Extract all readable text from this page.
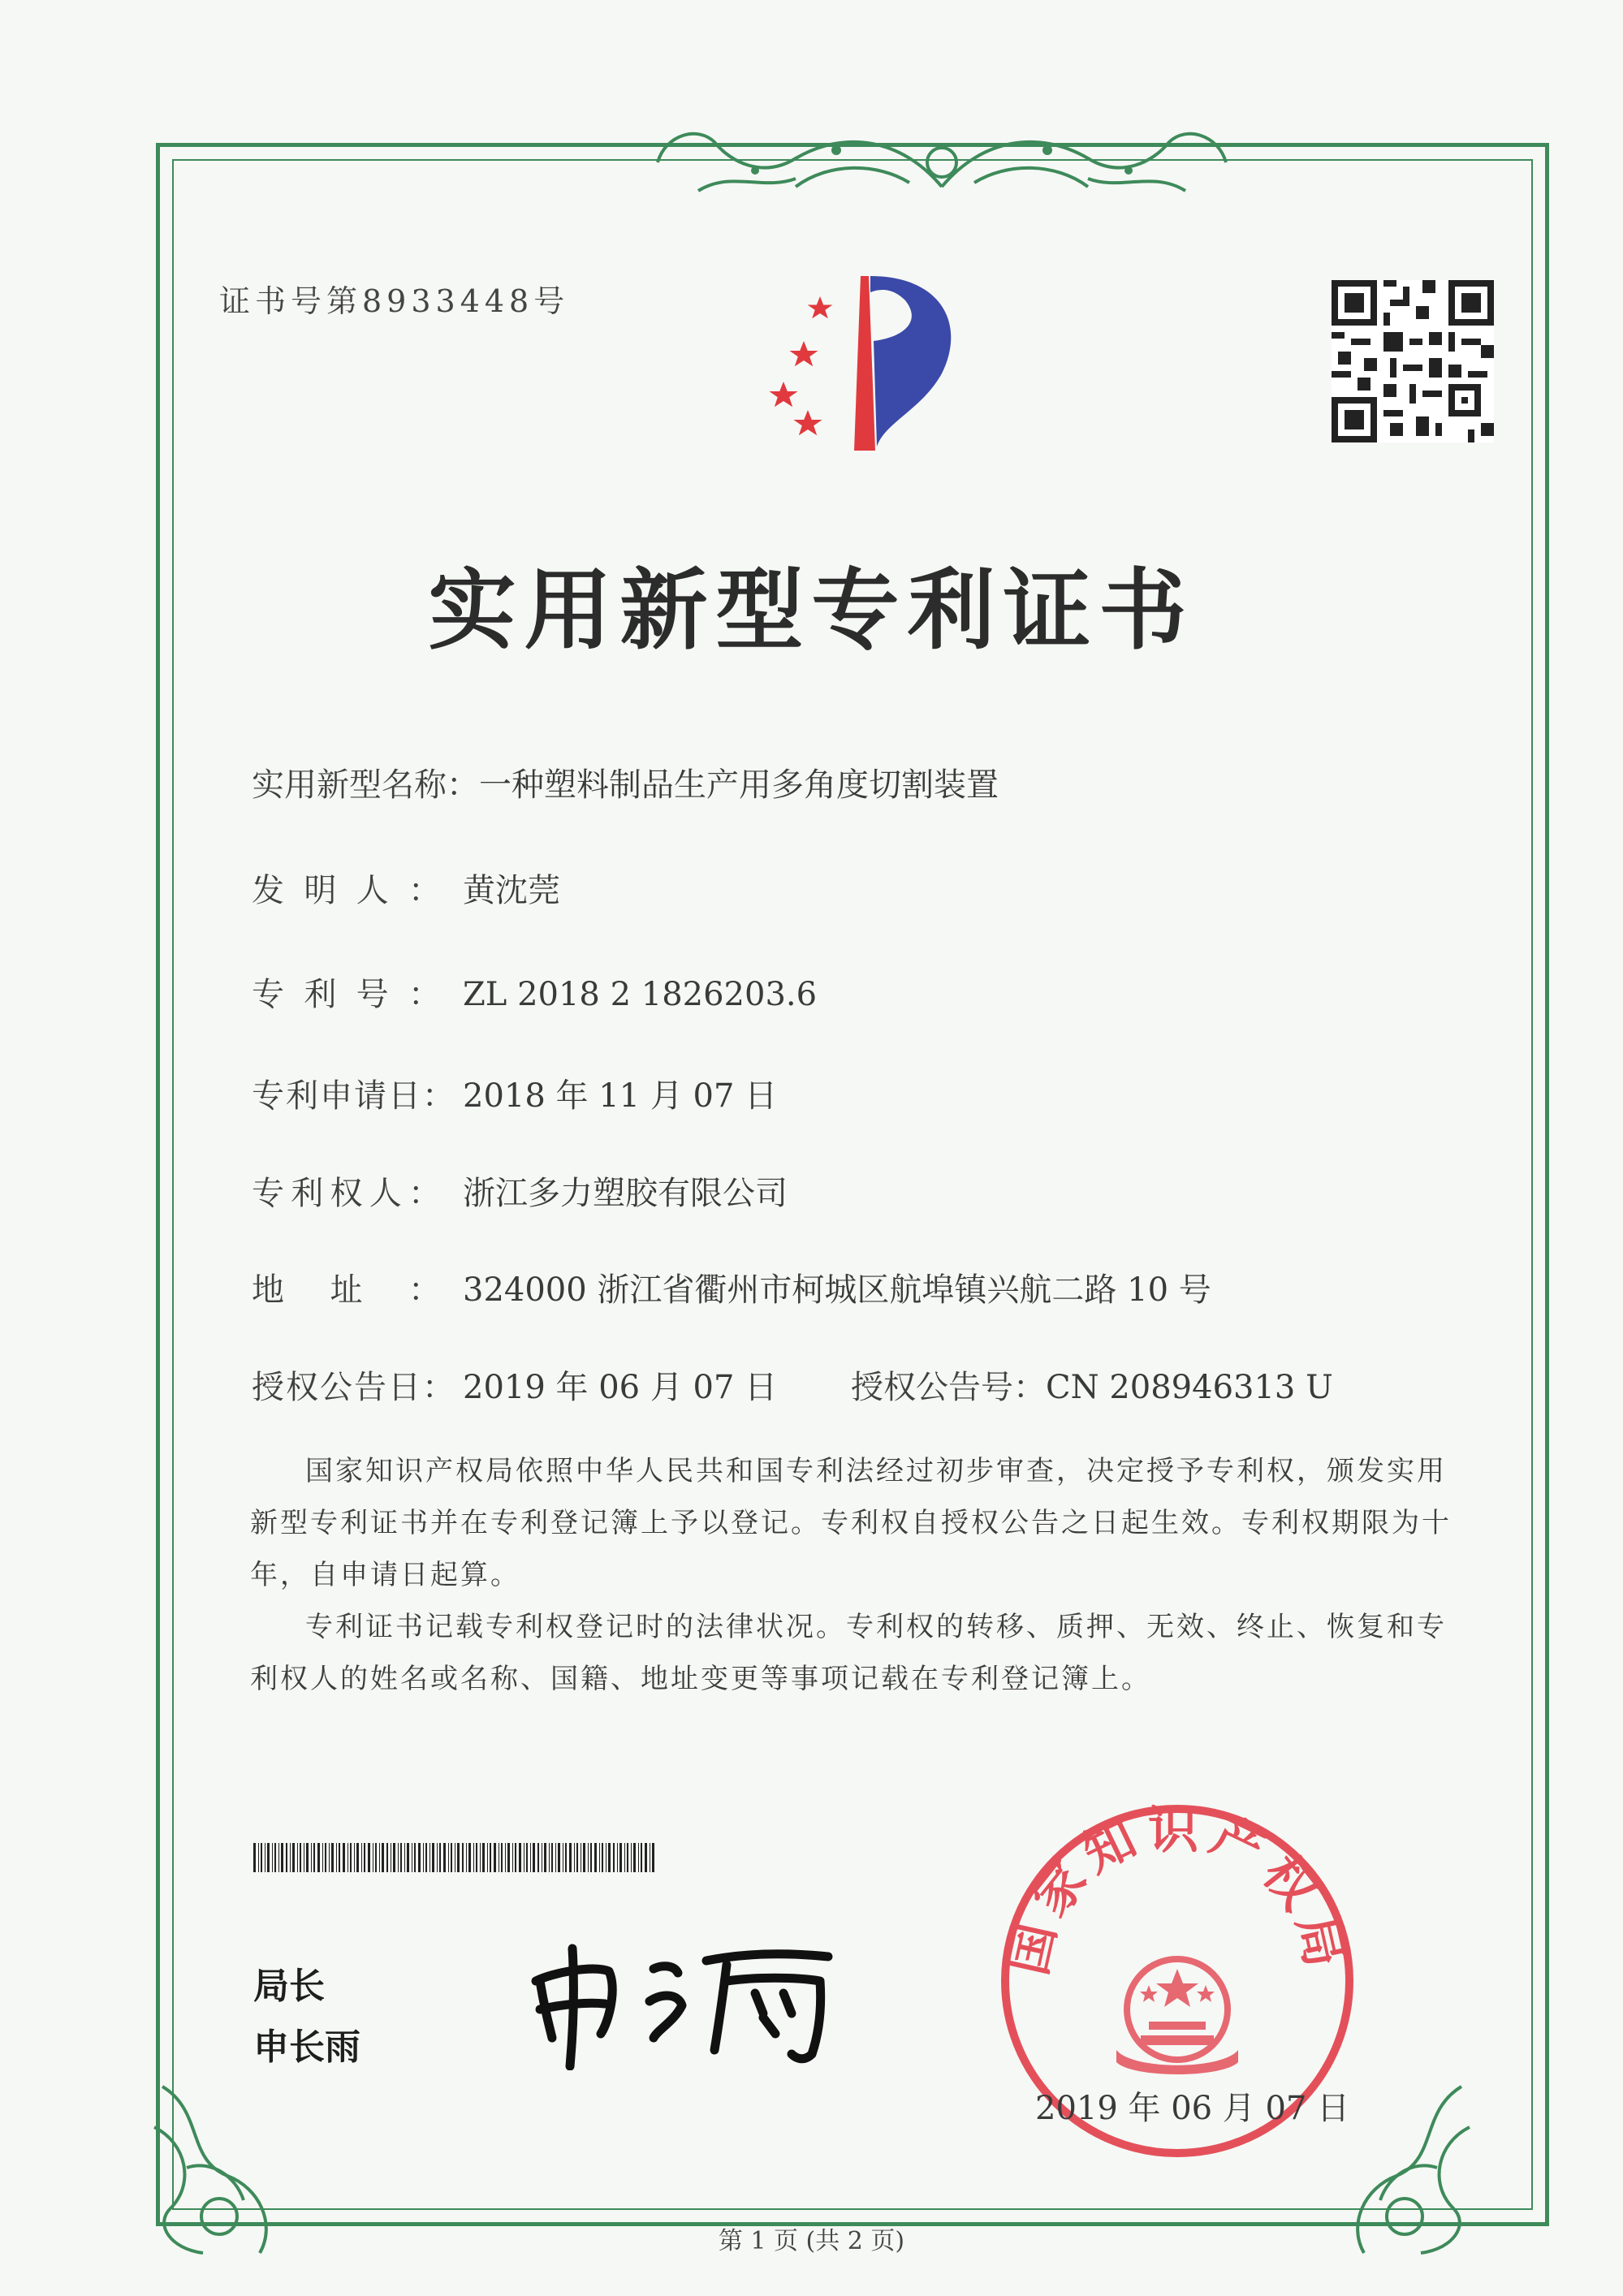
证书号第8933448号
实用新型专利证书
实用新型名称：一种塑料制品生产用多角度切割装置
发明人： 黄沈莞
专利号： ZL 2018 2 1826203.6
专利申请日： 2018 年 11 月 07 日
专利权人： 浙江多力塑胶有限公司
地址： 324000 浙江省衢州市柯城区航埠镇兴航二路 10 号
授权公告日： 2019 年 06 月 07 日 授权公告号：CN 208946313 U

国家知识产权局依照中华人民共和国专利法经过初步审查，决定授予专利权，颁发实用新型专利证书并在专利登记簿上予以登记。专利权自授权公告之日起生效。专利权期限为十年，自申请日起算。

专利证书记载专利权登记时的法律状况。专利权的转移、质押、无效、终止、恢复和专利权人的姓名或名称、国籍、地址变更等事项记载在专利登记簿上。

局长
申长雨
国家知识产权局
2019 年 06 月 07 日
第 1 页 (共 2 页)
